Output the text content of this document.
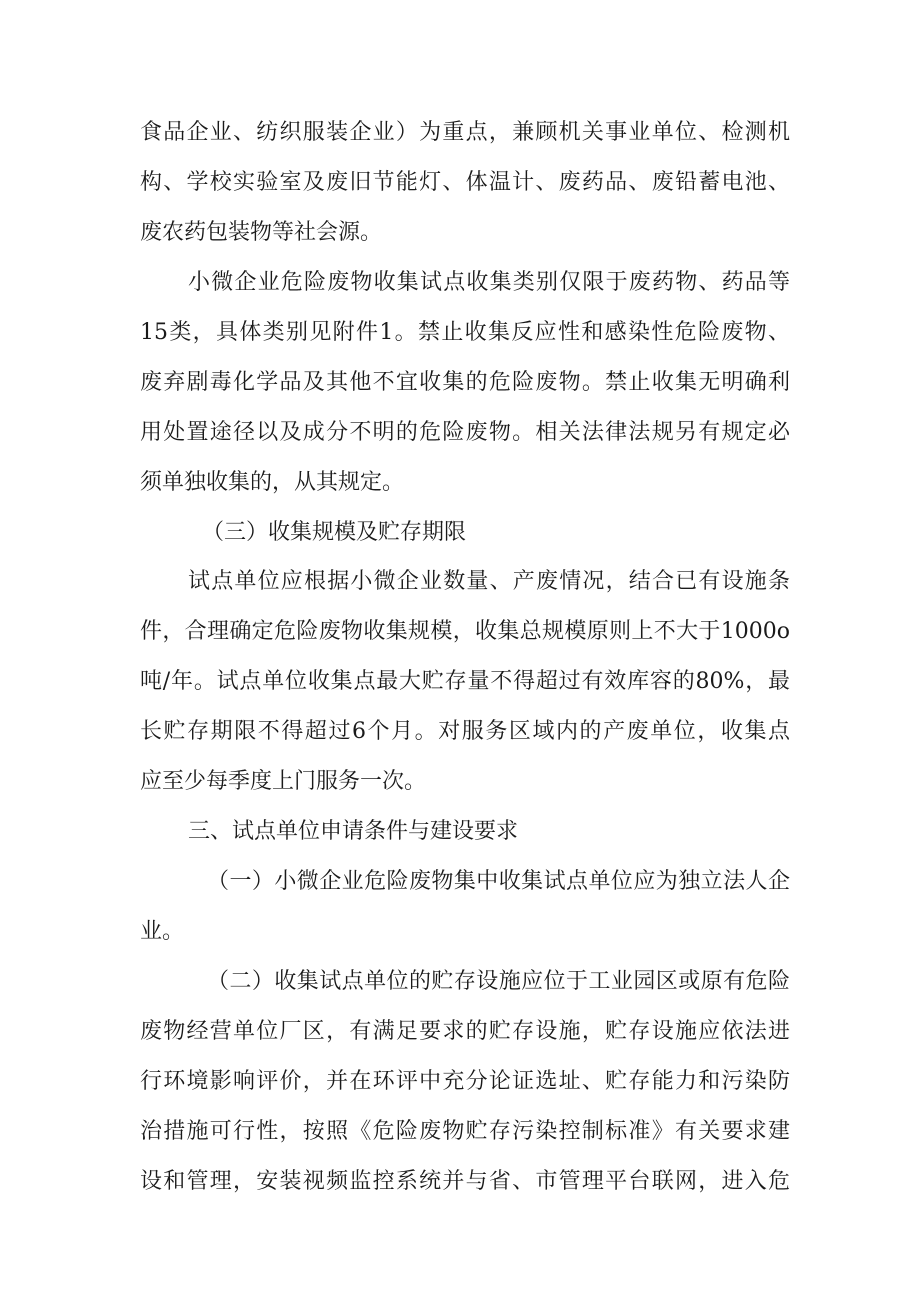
食品企业、纺织服装企业）为重点，兼顾机关事业单位、检测机
构、学校实验室及废旧节能灯、体温计、废药品、废铅蓄电池、
废农药包装物等社会源。
小微企业危险废物收集试点收集类别仅限于废药物、药品等
15类，具体类别见附件1。禁止收集反应性和感染性危险废物、
废弃剧毒化学品及其他不宜收集的危险废物。禁止收集无明确利
用处置途径以及成分不明的危险废物。相关法律法规另有规定必
须单独收集的，从其规定。
（三）收集规模及贮存期限
试点单位应根据小微企业数量、产废情况，结合已有设施条
件，合理确定危险废物收集规模，收集总规模原则上不大于1000o
吨/年。试点单位收集点最大贮存量不得超过有效库容的80%，最
长贮存期限不得超过6个月。对服务区域内的产废单位，收集点
应至少每季度上门服务一次。
三、试点单位申请条件与建设要求
（一）小微企业危险废物集中收集试点单位应为独立法人企
业。
（二）收集试点单位的贮存设施应位于工业园区或原有危险
废物经营单位厂区，有满足要求的贮存设施，贮存设施应依法进
行环境影响评价，并在环评中充分论证选址、贮存能力和污染防
治措施可行性，按照《危险废物贮存污染控制标准》有关要求建
设和管理，安装视频监控系统并与省、市管理平台联网，进入危
